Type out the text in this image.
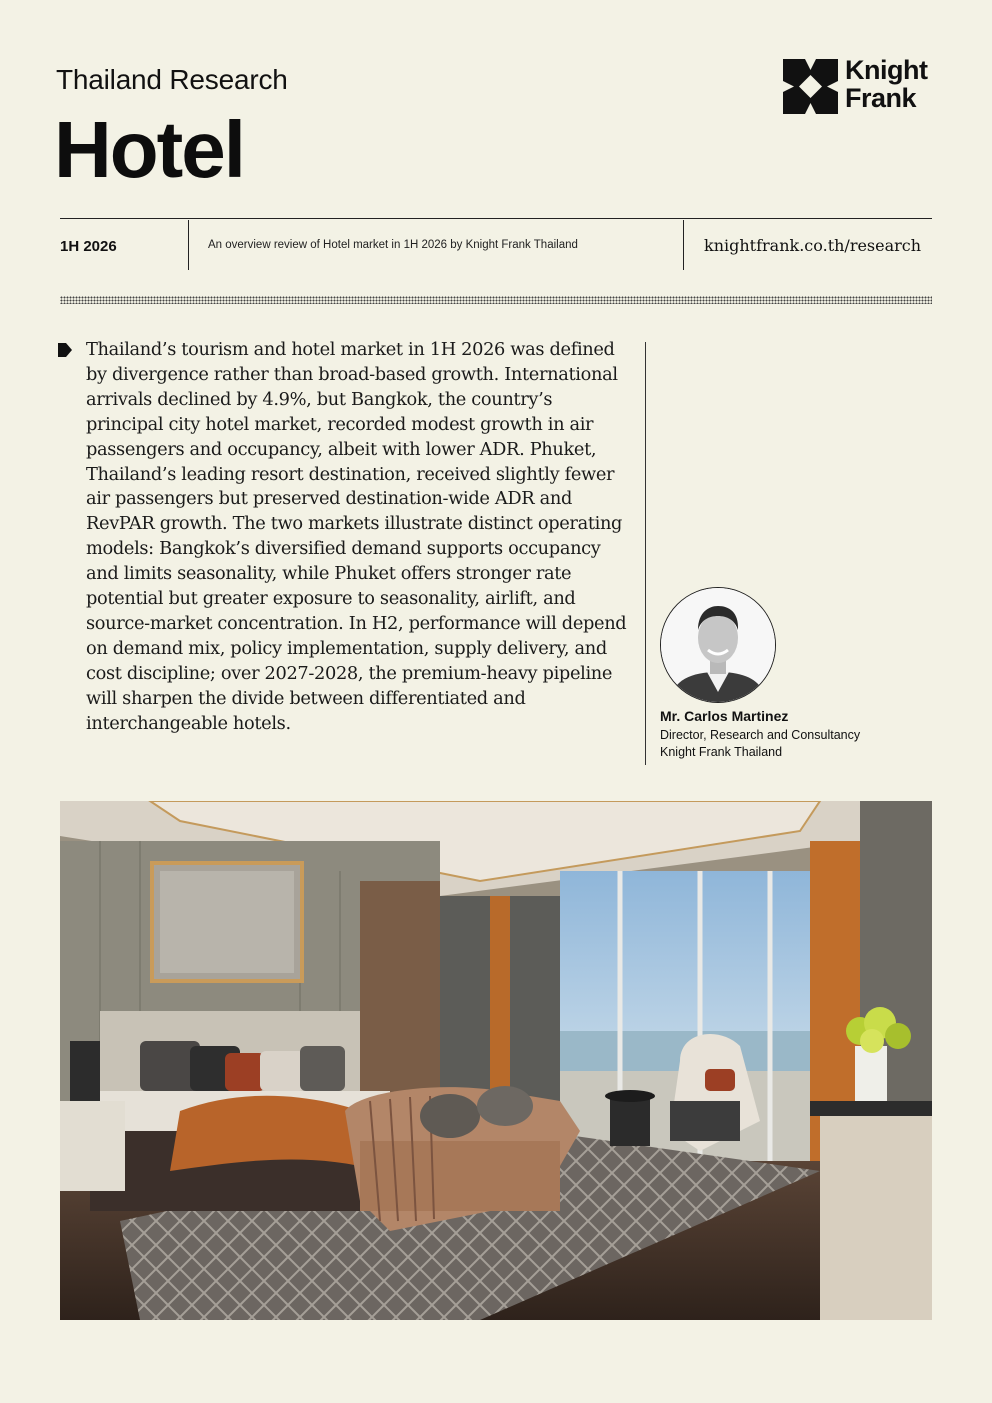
Thailand Research
Hotel
Knight
Frank
1H 2026	An overview review of Hotel market in 1H 2026 by Knight Frank Thailand	knightfrank.co.th/research
Thailand’s tourism and hotel market in 1H 2026 was defined by divergence rather than broad-based growth. International arrivals declined by 4.9%, but Bangkok, the country’s principal city hotel market, recorded modest growth in air passengers and occupancy, albeit with lower ADR. Phuket, Thailand’s leading resort destination, received slightly fewer air passengers but preserved destination-wide ADR and RevPAR growth. The two markets illustrate distinct operating models: Bangkok’s diversified demand supports occupancy and limits seasonality, while Phuket offers stronger rate potential but greater exposure to seasonality, airlift, and source-market concentration. In H2, performance will depend on demand mix, policy implementation, supply delivery, and cost discipline; over 2027-2028, the premium-heavy pipeline will sharpen the divide between differentiated and interchangeable hotels.	Mr. Carlos Martinez
Director, Research and Consultancy
Knight Frank Thailand
